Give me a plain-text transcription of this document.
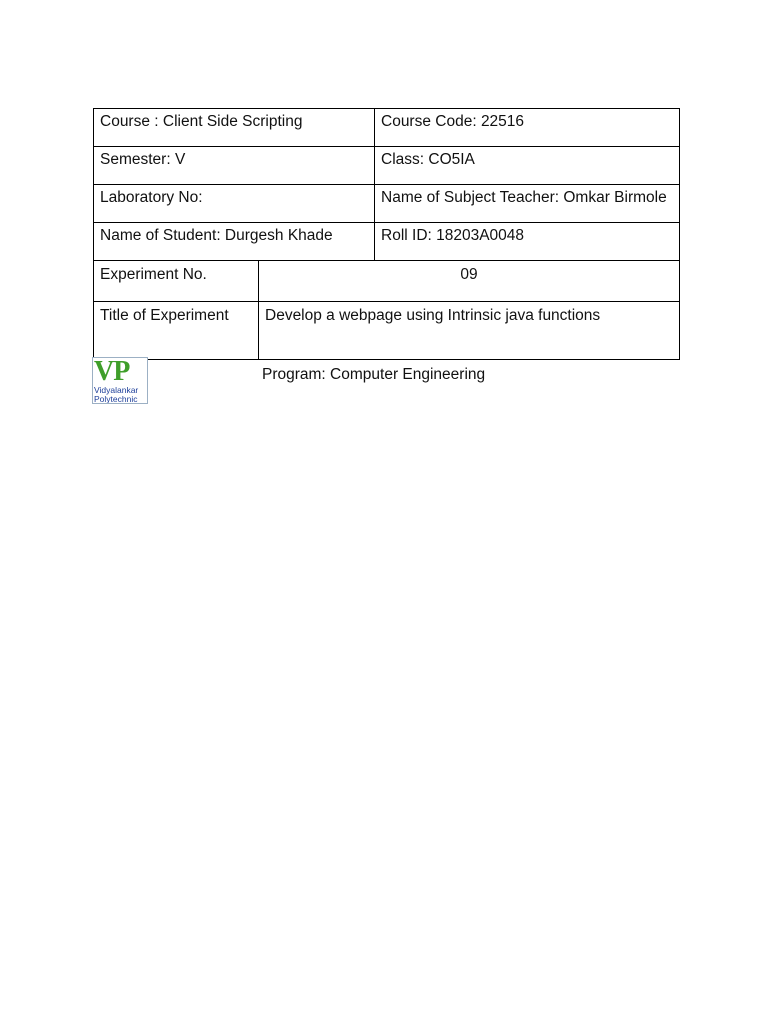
Course : Client Side Scripting		Course Code: 22516
Semester: V		Class: CO5IA
Laboratory No:		Name of Subject Teacher: Omkar Birmole
Name of Student: Durgesh Khade		Roll ID: 18203A0048
Experiment No.	09	
Title of Experiment	Develop a webpage using Intrinsic java functions	
VP
Vidyalankar
Polytechnic
Program: Computer Engineering
